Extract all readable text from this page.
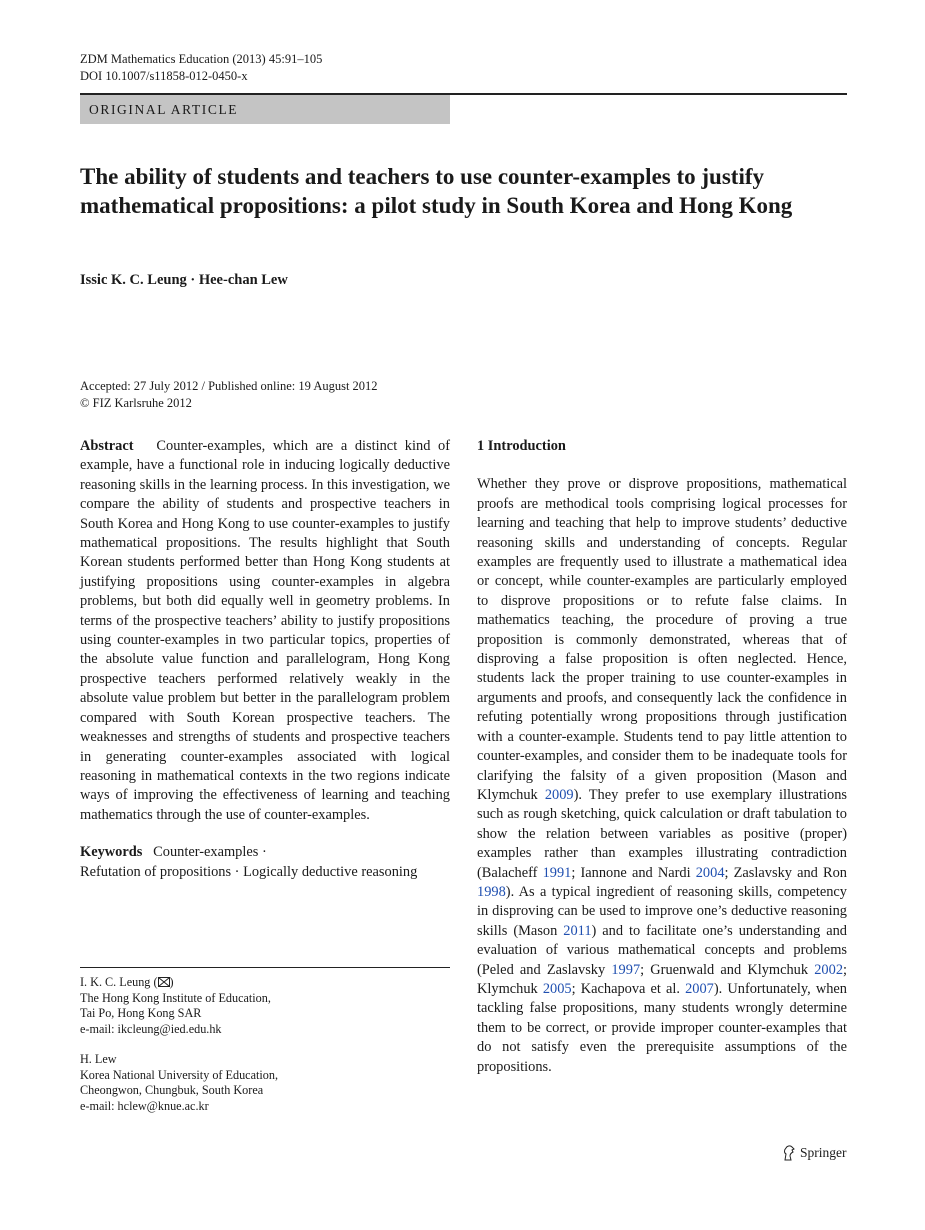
ZDM Mathematics Education (2013) 45:91–105
DOI 10.1007/s11858-012-0450-x
ORIGINAL ARTICLE
The ability of students and teachers to use counter-examples to justify mathematical propositions: a pilot study in South Korea and Hong Kong
Issic K. C. Leung · Hee-chan Lew
Accepted: 27 July 2012 / Published online: 19 August 2012
© FIZ Karlsruhe 2012

Abstract Counter-examples, which are a distinct kind of example, have a functional role in inducing logically deductive reasoning skills in the learning process. In this investigation, we compare the ability of students and prospective teachers in South Korea and Hong Kong to use counter-examples to justify mathematical propositions. The results highlight that South Korean students performed better than Hong Kong students at justifying propositions using counter-examples in algebra problems, but both did equally well in geometry problems. In terms of the prospective teachers’ ability to justify propositions using counter-examples in two particular topics, properties of the absolute value function and parallelogram, Hong Kong prospective teachers performed relatively weakly in the absolute value problem but better in the parallelogram problem compared with South Korean prospective teachers. The weaknesses and strengths of students and prospective teachers in generating counter-examples associated with logical reasoning in mathematical contexts in the two regions indicate ways of improving the effectiveness of learning and teaching mathematics through the use of counter-examples.

Keywords Counter-examples ·
Refutation of propositions · Logically deductive reasoning
I. K. C. Leung ( )
The Hong Kong Institute of Education,
Tai Po, Hong Kong SAR
e-mail: ikcleung@ied.edu.hk
H. Lew
Korea National University of Education,
Cheongwon, Chungbuk, South Korea
e-mail: hclew@knue.ac.kr
1 Introduction

Whether they prove or disprove propositions, mathematical proofs are methodical tools comprising logical processes for learning and teaching that help to improve students’ deductive reasoning skills and understanding of concepts. Regular examples are frequently used to illustrate a mathematical idea or concept, while counter-examples are particularly employed to disprove propositions or to refute false claims. In mathematics teaching, the procedure of proving a true proposition is commonly demonstrated, whereas that of disproving a false proposition is often neglected. Hence, students lack the proper training to use counter-examples in arguments and proofs, and consequently lack the confidence in refuting potentially wrong propositions through justification with a counter-example. Students tend to pay little attention to counter-examples, and consider them to be inadequate tools for clarifying the falsity of a given proposition (Mason and Klymchuk 2009). They prefer to use exemplary illustrations such as rough sketching, quick calculation or draft tabulation to show the relation between variables as positive (proper) examples rather than examples illustrating contradiction (Balacheff 1991; Iannone and Nardi 2004; Zaslavsky and Ron 1998). As a typical ingredient of reasoning skills, competency in disproving can be used to improve one’s deductive reasoning skills (Mason 2011) and to facilitate one’s understanding and evaluation of various mathematical concepts and problems (Peled and Zaslavsky 1997; Gruenwald and Klymchuk 2002; Klymchuk 2005; Kachapova et al. 2007). Unfortunately, when tackling false propositions, many students wrongly determine them to be correct, or provide improper counter-examples that do not satisfy even the prerequisite assumptions of the propositions.

Springer
